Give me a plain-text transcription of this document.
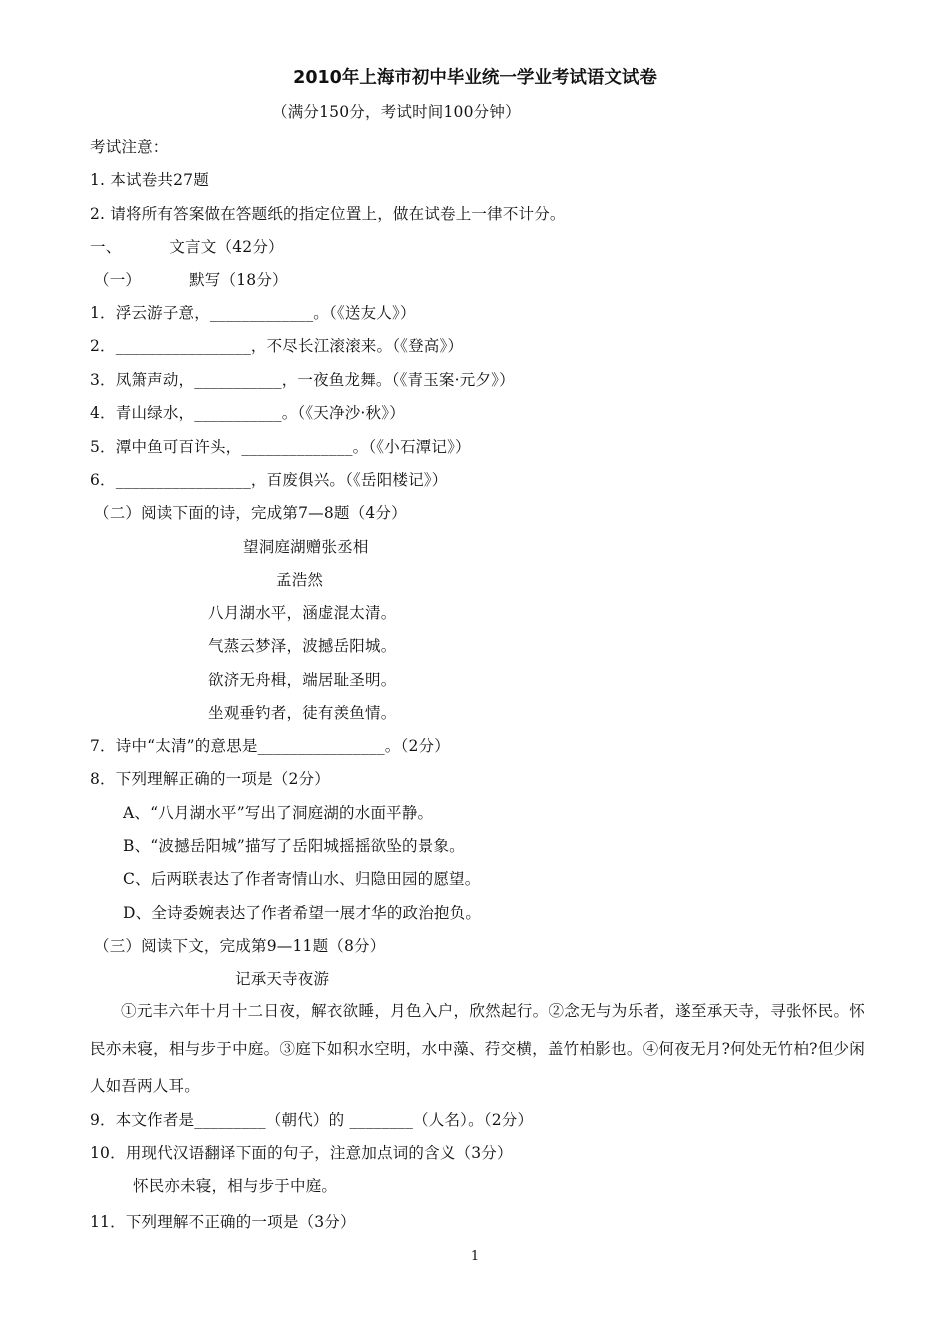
2010年上海市初中毕业统一学业考试语文试卷
（满分150分，考试时间100分钟）
考试注意：
1. 本试卷共27题
2. 请将所有答案做在答题纸的指定位置上，做在试卷上一律不计分。
一、	文言文（42分）
（一）	默写（18分）
1．浮云游子意，_____________。（《送友人》）
2．_________________，不尽长江滚滚来。（《登高》）
3．凤箫声动，___________，一夜鱼龙舞。（《青玉案·元夕》）
4．青山绿水，___________。（《天净沙·秋》）
5．潭中鱼可百许头，______________。（《小石潭记》）
6．_________________，百废俱兴。（《岳阳楼记》）
（二）阅读下面的诗，完成第7—8题（4分）
望洞庭湖赠张丞相
孟浩然
八月湖水平，涵虚混太清。
气蒸云梦泽，波撼岳阳城。
欲济无舟楫，端居耻圣明。
坐观垂钓者，徒有羡鱼情。
7．诗中“太清”的意思是________________。（2分）
8．下列理解正确的一项是（2分）
A、“八月湖水平”写出了洞庭湖的水面平静。
B、“波撼岳阳城”描写了岳阳城摇摇欲坠的景象。
C、后两联表达了作者寄情山水、归隐田园的愿望。
D、全诗委婉表达了作者希望一展才华的政治抱负。
（三）阅读下文，完成第9—11题（8分）
记承天寺夜游
①元丰六年十月十二日夜，解衣欲睡，月色入户，欣然起行。②念无与为乐者，遂至承天寺，寻张怀民。怀民亦未寝，相与步于中庭。③庭下如积水空明，水中藻、荇交横，盖竹柏影也。④何夜无月?何处无竹柏?但少闲人如吾两人耳。
9．本文作者是_________（朝代）的 ________（人名）。（2分）
10．用现代汉语翻译下面的句子，注意加点词的含义（3分）
怀民亦未寝，相与步于中庭。
11．下列理解不正确的一项是（3分）
1
